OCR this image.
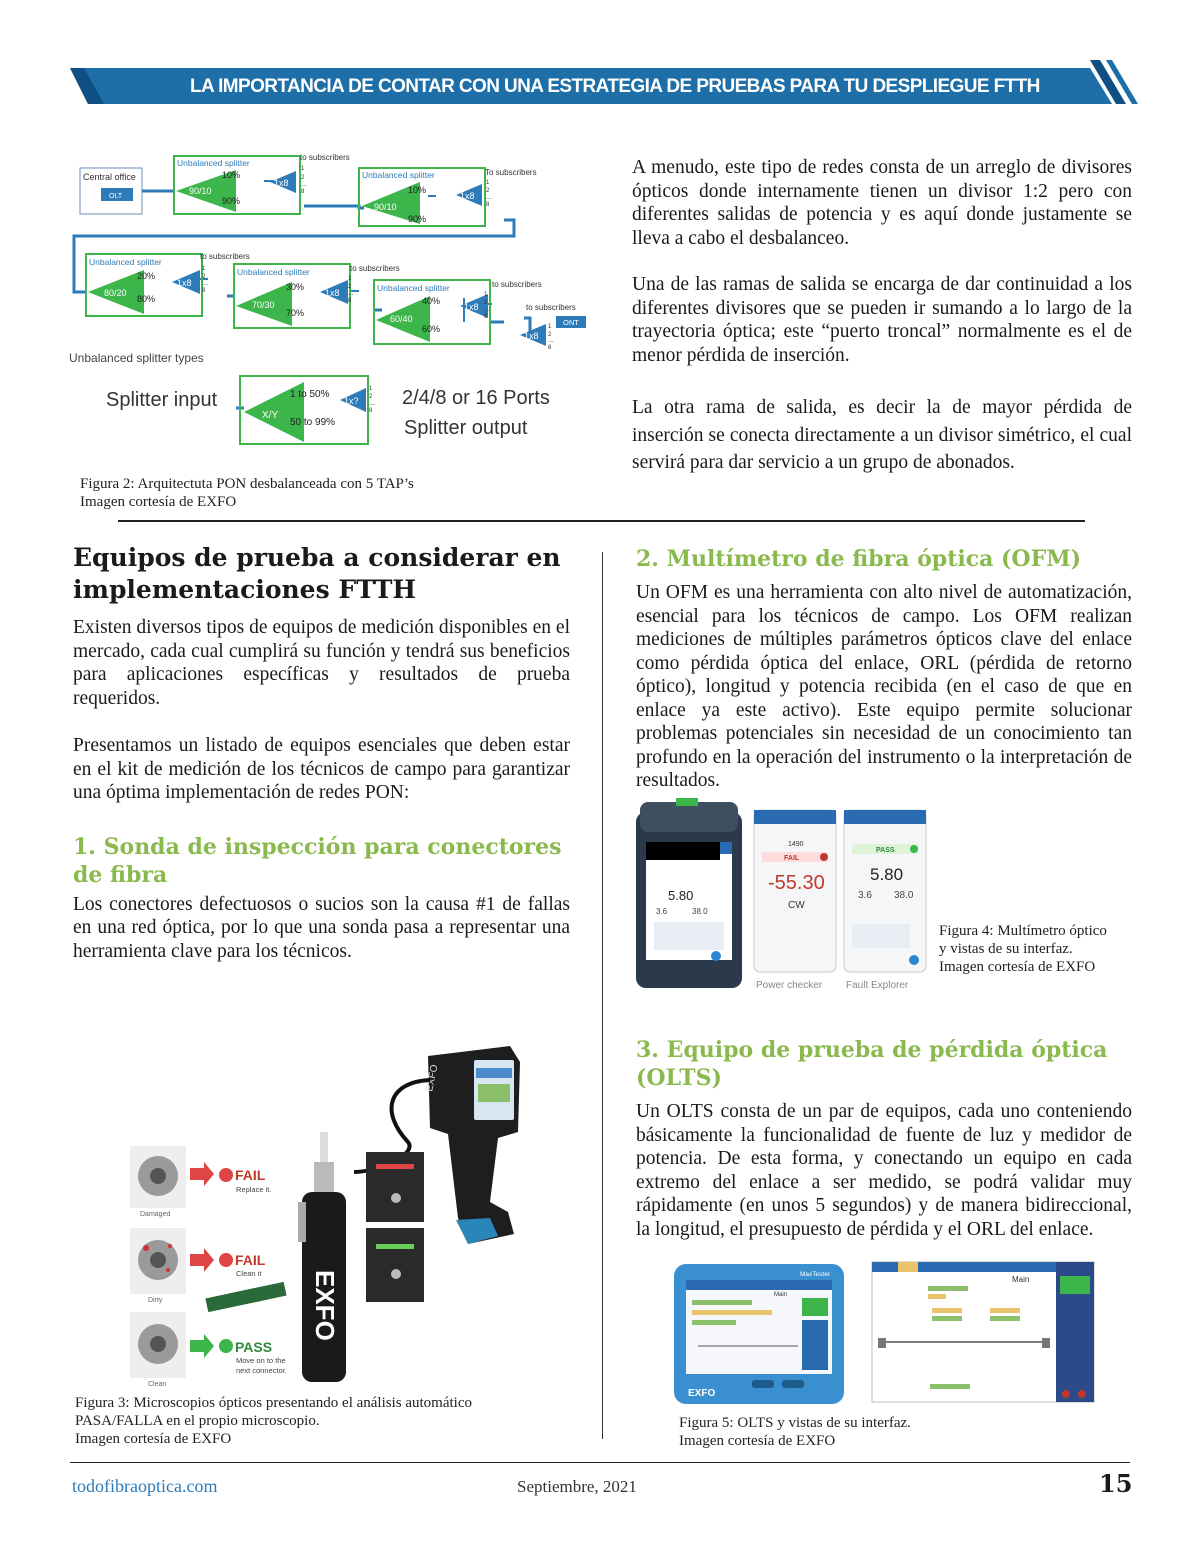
LA IMPORTANCIA DE CONTAR CON UNA ESTRATEGIA DE PRUEBAS PARA TU DESPLIEGUE FTTH
Central office
OLT
Unbalanced splitter
90/10
10%
90%
1x8
to subscribers
1
2
...
8
Unbalanced splitter
90/10
10%
90%
1x8
To subscribers
1
2
...
8
Unbalanced splitter
80/20
20%
80%
1x8
to subscribers
1
2
...
8
Unbalanced splitter
70/30
30%
70%
1x8
to subscribers
1
2
...
8
Unbalanced splitter
60/40
40%
60%
1x8
to subscribers
1
2
...
8
to subscribers
ONT
1x8
1
2
...
8
Unbalanced splitter types
Splitter input
X/Y
1 to 50%
50 to 99%
1x?
1
2
...
8
2/4/8 or 16 Ports
Splitter output
Figura 2: Arquitectuta PON desbalanceada con 5 TAP’s
Imagen cortesía de EXFO

A menudo, este tipo de redes consta de un arreglo de divisores ópticos donde internamente tienen un divisor 1:2 pero con diferentes salidas de potencia y es aquí donde justamente se lleva a cabo el desbalanceo.

Una de las ramas de salida se encarga de dar continuidad a los diferentes divisores que se pueden ir sumando a lo largo de la trayectoria óptica; este “puerto troncal” normalmente es el de menor pérdida de inserción.

La otra rama de salida, es decir la de mayor pérdida de inserción se conecta directamente a un divisor simétrico, el cual servirá para dar servicio a un grupo de abonados.

Equipos de prueba a considerar en implementaciones FTTH

Existen diversos tipos de equipos de medición disponibles en el mercado, cada cual cumplirá su función y tendrá sus beneficios para aplicaciones específicas y resultados de prueba requeridos.

Presentamos un listado de equipos esenciales que deben estar en el kit de medición de los técnicos de campo para garantizar una óptima implementación de redes PON:

1. Sonda de inspección para conectores
de fibra

Los conectores defectuosos o sucios son la causa #1 de fallas en una red óptica, por lo que una sonda pasa a representar una herramienta clave para los técnicos.

EXFO
EXFO
Damaged
FAIL
Replace it.
Dirty
FAIL
Clean it
Clean
PASS
Move on to the
next connector.
Figura 3: Microscopios ópticos presentando el análisis automático
PASA/FALLA en el propio microscopio.
Imagen cortesía de EXFO
2. Multímetro de fibra óptica (OFM)

Un OFM es una herramienta con alto nivel de automatización, esencial para los técnicos de campo. Los OFM realizan mediciones de múltiples parámetros ópticos clave del enlace como pérdida óptica del enlace, ORL (pérdida de retorno óptico), longitud y potencia recibida (en el caso de que en enlace ya este activo). Este equipo permite solucionar problemas potenciales sin necesidad de un conocimiento tan profundo en la operación del instrumento o la interpretación de resultados.

5.80
3.6	38.0
1490
FAIL
-55.30
CW
Power checker
PASS
5.80
3.6 38.0
Fault Explorer
Figura 4: Multímetro óptico
y vistas de su interfaz.
Imagen cortesía de EXFO
3. Equipo de prueba de pérdida óptica (OLTS)

Un OLTS consta de un par de equipos, cada uno conteniendo básicamente la funcionalidad de fuente de luz y medidor de potencia. De esta forma, y conectando un equipo en cada extremo del enlace a ser medido, se podrá validar muy rápidamente (en unos 5 segundos) y de manera bidireccional, la longitud, el presupuesto de pérdida y el ORL del enlace.

MaxTester
Main
EXFO
Main
Figura 5: OLTS y vistas de su interfaz.
Imagen cortesía de EXFO
todofibraoptica.com	Septiembre, 2021	15
